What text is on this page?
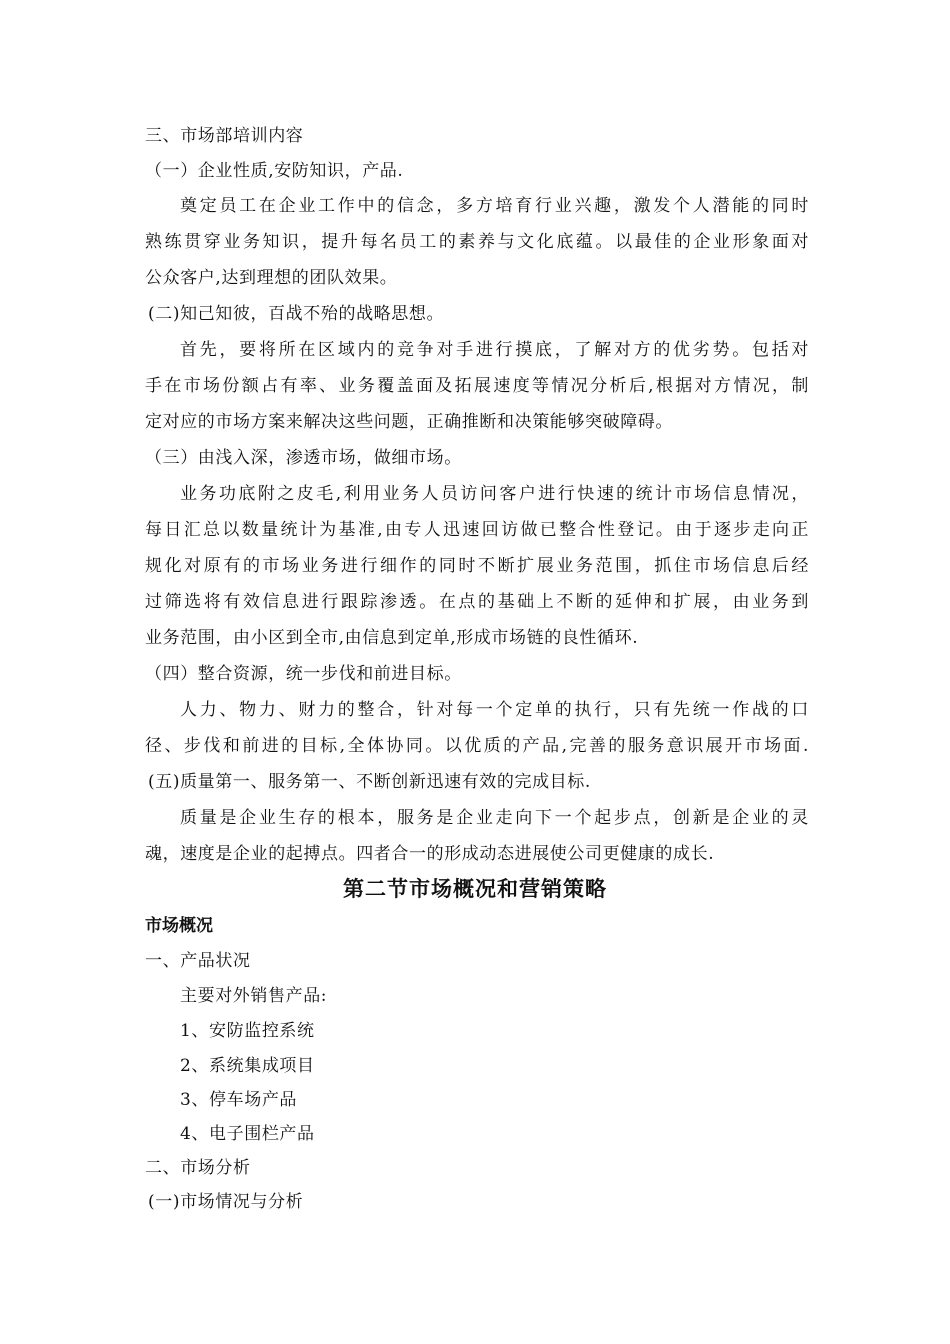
三、市场部培训内容
（一）企业性质,安防知识，产品.
奠定员工在企业工作中的信念，多方培育行业兴趣，激发个人潜能的同时
熟练贯穿业务知识，提升每名员工的素养与文化底蕴。以最佳的企业形象面对
公众客户,达到理想的团队效果。
(二)知己知彼，百战不殆的战略思想。
首先，要将所在区域内的竞争对手进行摸底，了解对方的优劣势。包括对
手在市场份额占有率、业务覆盖面及拓展速度等情况分析后,根据对方情况，制
定对应的市场方案来解决这些问题，正确推断和决策能够突破障碍。
（三）由浅入深，渗透市场，做细市场。
业务功底附之皮毛,利用业务人员访问客户进行快速的统计市场信息情况，
每日汇总以数量统计为基准,由专人迅速回访做已整合性登记。由于逐步走向正
规化对原有的市场业务进行细作的同时不断扩展业务范围，抓住市场信息后经
过筛选将有效信息进行跟踪渗透。在点的基础上不断的延伸和扩展，由业务到
业务范围，由小区到全市,由信息到定单,形成市场链的良性循环.
（四）整合资源，统一步伐和前进目标。
人力、物力、财力的整合，针对每一个定单的执行，只有先统一作战的口
径、步伐和前进的目标,全体协同。以优质的产品,完善的服务意识展开市场面.
(五)质量第一、服务第一、不断创新迅速有效的完成目标.
质量是企业生存的根本，服务是企业走向下一个起步点，创新是企业的灵
魂，速度是企业的起搏点。四者合一的形成动态进展使公司更健康的成长.
第二节市场概况和营销策略
市场概况
一、产品状况
主要对外销售产品:
1、安防监控系统
2、系统集成项目
3、停车场产品
4、电子围栏产品
二、市场分析
(一)市场情况与分析
